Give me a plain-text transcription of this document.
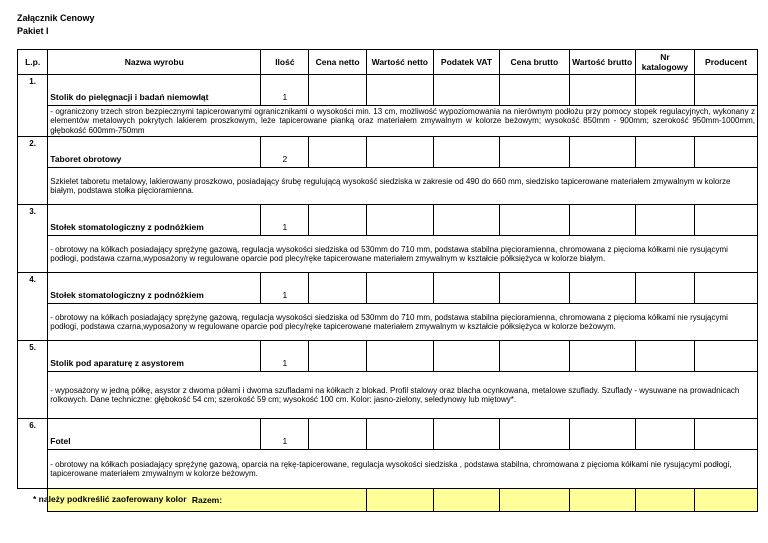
Załącznik Cenowy
Pakiet I
L.p.	Nazwa wyrobu	Ilość	Cena netto	Wartość netto	Podatek VAT	Cena brutto	Wartość brutto	Nr katalogowy	Producent
1.	Stolik do pielęgnacji i badań niemowląt	1							
	- ograniczony trzech stron bezpiecznymi tapicerowanymi ogranicznikami o wysokości min. 13 cm, możliwość wypoziomowania na nierównym podłożu przy pomocy stopek regulacyjnych, wykonany z elementów metalowych pokrytych lakierem proszkowym, leże tapicerowane pianką oraz materiałem zmywalnym w kolorze beżowym; wysokość 850mm - 900mm; szerokość 950mm-1000mm, głębokość 600mm-750mm								
2.	Taboret obrotowy	2							
	Szkielet taboretu metalowy, lakierowany proszkowo, posiadający śrubę regulującą wysokość siedziska w zakresie od 490 do 660 mm, siedzisko tapicerowane materiałem zmywalnym w kolorze białym, podstawa stołka pięcioramienna.								
3.	Stołek stomatologiczny z podnóżkiem	1							
	- obrotowy na kółkach posiadający sprężynę gazową, regulacja wysokości siedziska od 530mm do 710 mm, podstawa stabilna pięcioramienna, chromowana z pięcioma kółkami nie rysującymi podłogi, podstawa czarna,wyposażony w regulowane oparcie pod plecy/ręke tapicerowane materiałem zmywalnym w kształcie półksiężyca w kolorze białym.								
4.	Stołek stomatologiczny z podnóżkiem	1							
	- obrotowy na kółkach posiadający sprężynę gazową, regulacja wysokości siedziska od 530mm do 710 mm, podstawa stabilna pięcioramienna, chromowana z pięcioma kółkami nie rysującymi podłogi, podstawa czarna,wyposażony w regulowane oparcie pod plecy/ręke tapicerowane materiałem zmywalnym w kształcie półksiężyca w kolorze beżowym.								
5.	Stolik pod aparaturę z asystorem	1							
	- wyposażony w jedną półkę, asystor z dwoma półami i dwoma szufladami na kółkach z blokad. Profil stalowy oraz blacha ocynkowana, metalowe szuflady. Szuflady - wysuwane na prowadnicach rolkowych. Dane techniczne: głębokość 54 cm; szerokość 59 cm; wysokość 100 cm. Kolor: jasno-zielony, seledynowy lub miętowy*.								
6.	Fotel	1							
	- obrotowy na kółkach posiadający sprężynę gazową, oparcia na rękę-tapicerowane, regulacja wysokości siedziska , podstawa stabilna, chromowana z pięcioma kółkami nie rysującymi podłogi, tapicerowane materiałem zmywalnym w kolorze beżowym.								
	Razem:								
* należy podkreślić zaoferowany kolor
